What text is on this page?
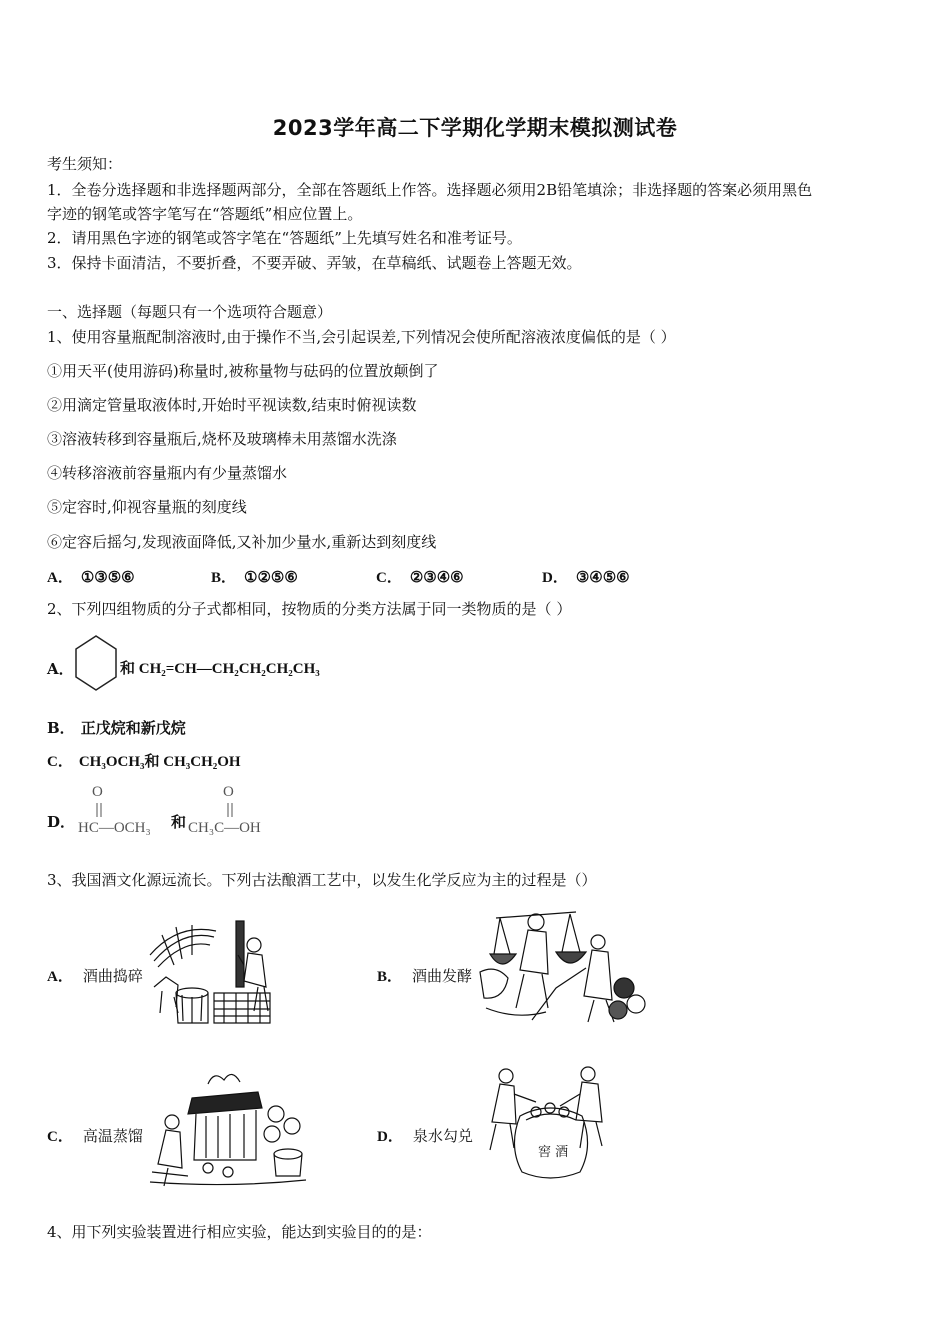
2023学年高二下学期化学期末模拟测试卷
考生须知：
1．全卷分选择题和非选择题两部分，全部在答题纸上作答。选择题必须用2B铅笔填涂；非选择题的答案必须用黑色
字迹的钢笔或答字笔写在“答题纸”相应位置上。
2．请用黑色字迹的钢笔或答字笔在“答题纸”上先填写姓名和准考证号。
3．保持卡面清洁，不要折叠，不要弄破、弄皱，在草稿纸、试题卷上答题无效。
一、选择题（每题只有一个选项符合题意）
1、使用容量瓶配制溶液时,由于操作不当,会引起误差,下列情况会使所配溶液浓度偏低的是（ ）
①用天平(使用游码)称量时,被称量物与砝码的位置放颠倒了
②用滴定管量取液体时,开始时平视读数,结束时俯视读数
③溶液转移到容量瓶后,烧杯及玻璃棒未用蒸馏水洗涤
④转移溶液前容量瓶内有少量蒸馏水
⑤定容时,仰视容量瓶的刻度线
⑥定容后摇匀,发现液面降低,又补加少量水,重新达到刻度线
A． ①③⑤⑥	B． ①②⑤⑥	C． ②③④⑥	D． ③④⑤⑥
2、下列四组物质的分子式都相同，按物质的分类方法属于同一类物质的是（ ）
A．	和 CH₂=CH—CH₂CH₂CH₂CH₃
B． 正戊烷和新戊烷
C． CH₃OCH₃和 CH₃CH₂OH
D．
O
HC—OCH₃ 和
O
CH₃C—OH
3、我国酒文化源远流长。下列古法酿酒工艺中，以发生化学反应为主的过程是（）
A． 酒曲捣碎	B． 酒曲发酵
C． 高温蒸馏	D． 泉水勾兑
窖 酒
4、用下列实验装置进行相应实验，能达到实验目的的是：
